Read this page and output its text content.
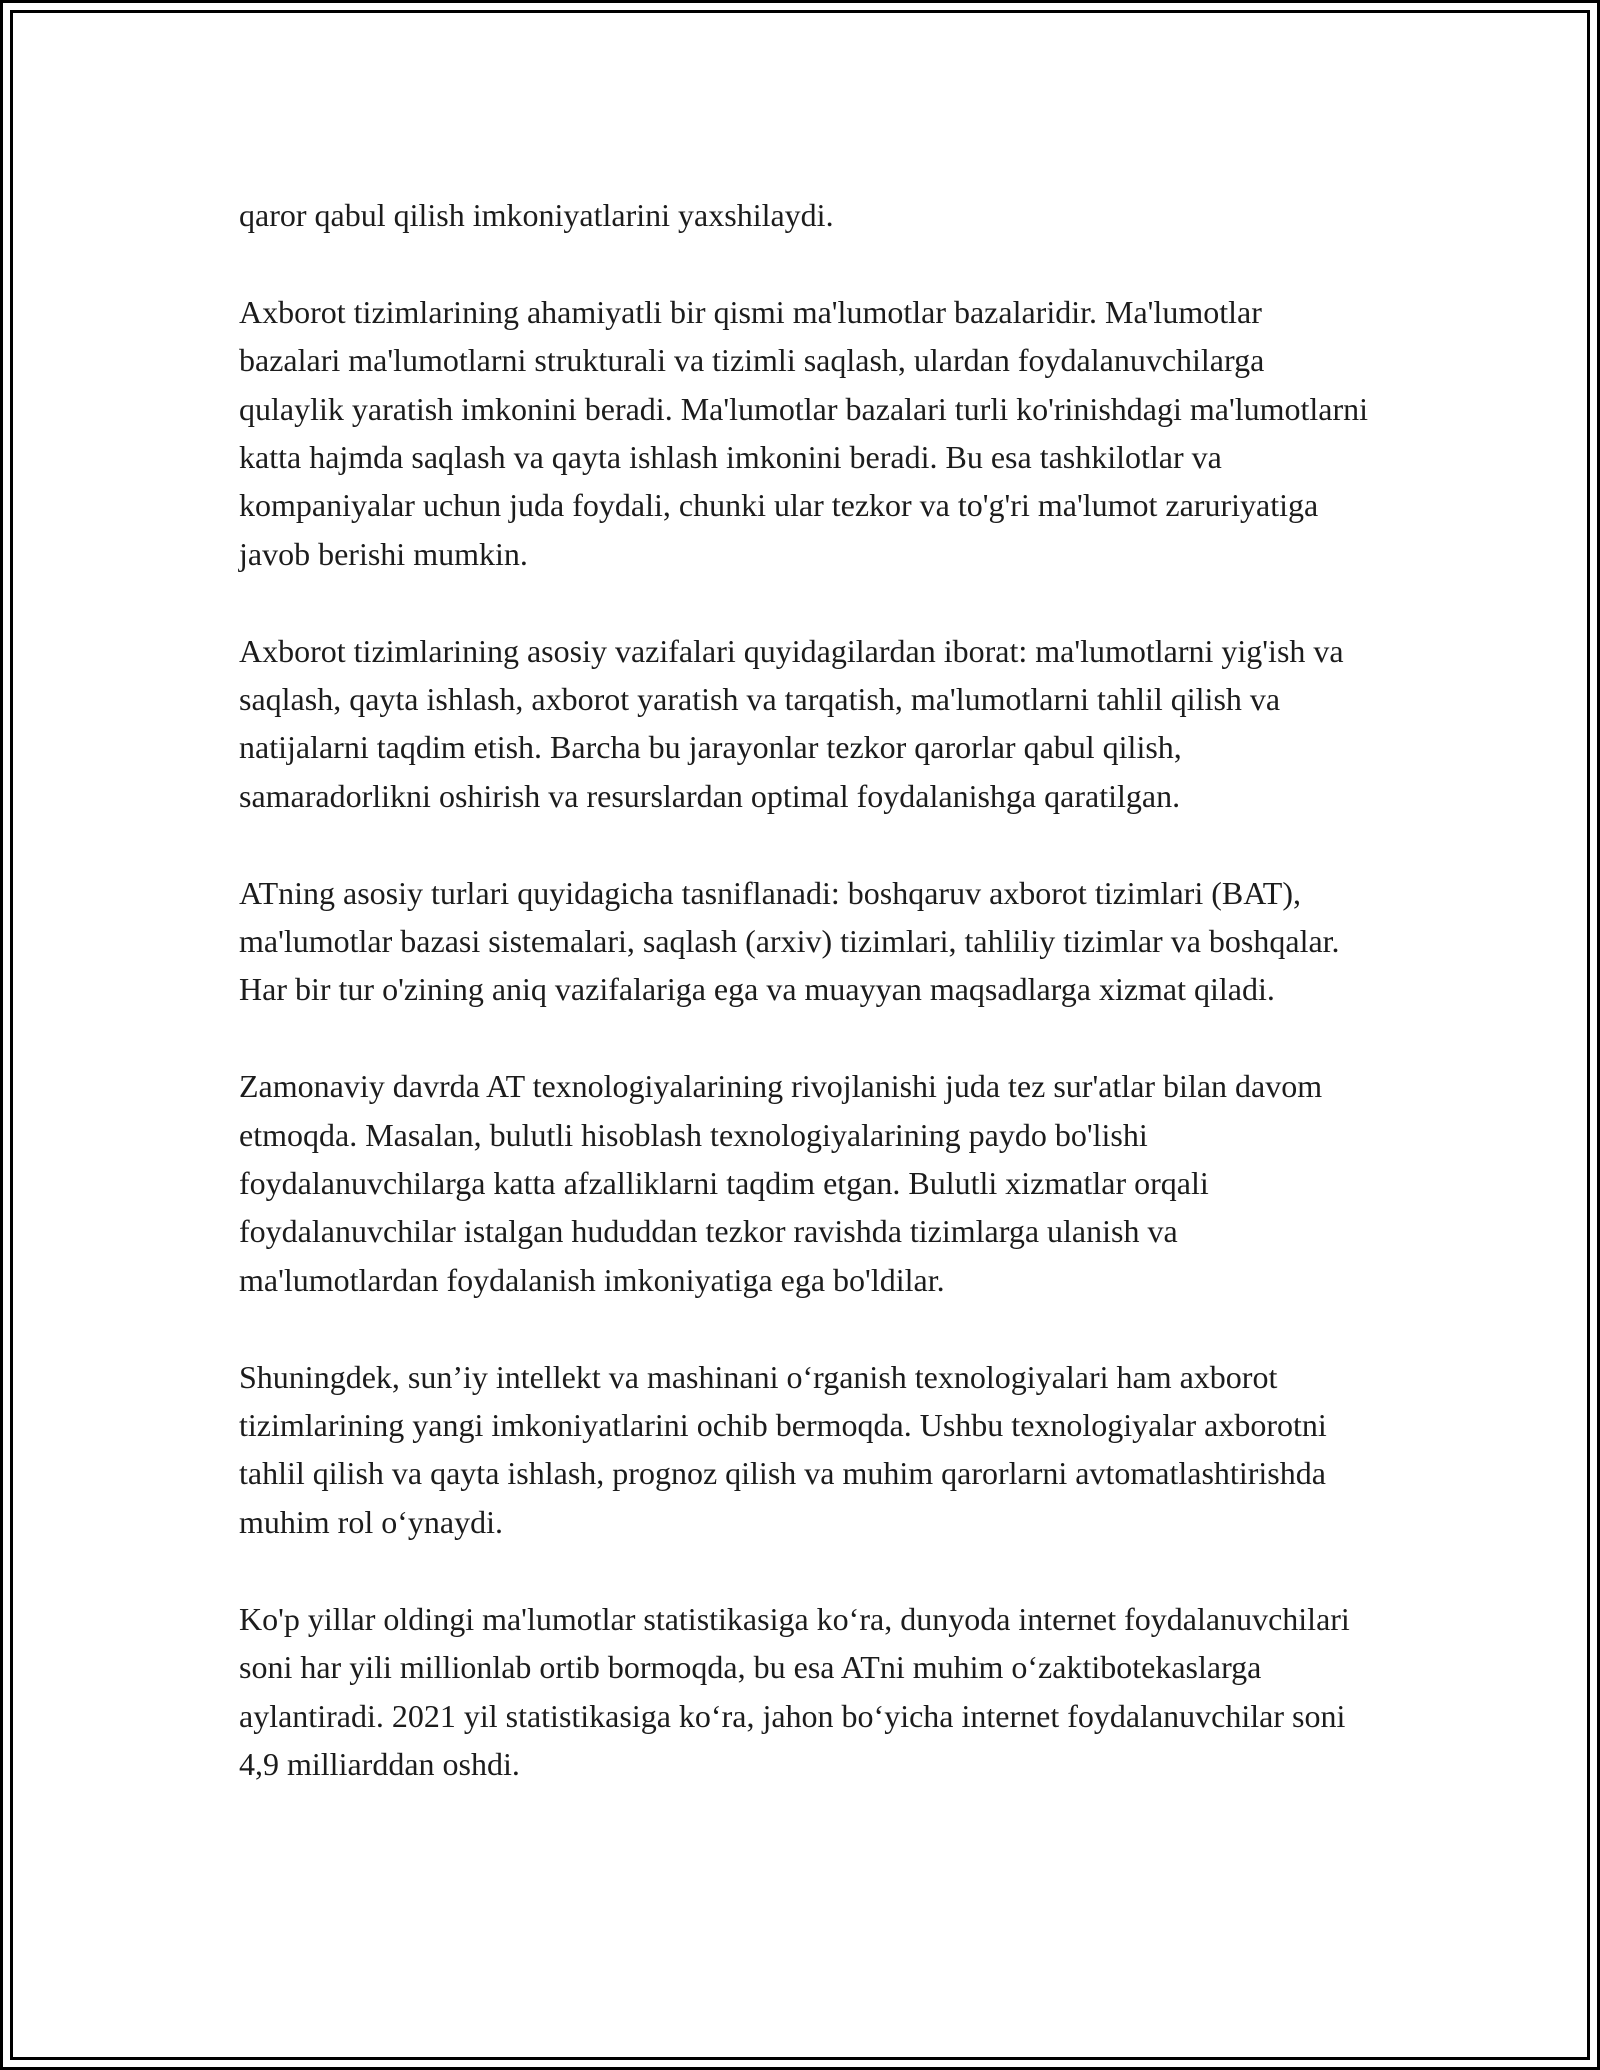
qaror qabul qilish imkoniyatlarini yaxshilaydi.

Axborot tizimlarining ahamiyatli bir qismi ma'lumotlar bazalaridir. Ma'lumotlar bazalari ma'lumotlarni strukturali va tizimli saqlash, ulardan foydalanuvchilarga qulaylik yaratish imkonini beradi. Ma'lumotlar bazalari turli ko'rinishdagi ma'lumotlarni katta hajmda saqlash va qayta ishlash imkonini beradi. Bu esa tashkilotlar va kompaniyalar uchun juda foydali, chunki ular tezkor va to'g'ri ma'lumot zaruriyatiga javob berishi mumkin.

Axborot tizimlarining asosiy vazifalari quyidagilardan iborat: ma'lumotlarni yig'ish va saqlash, qayta ishlash, axborot yaratish va tarqatish, ma'lumotlarni tahlil qilish va natijalarni taqdim etish. Barcha bu jarayonlar tezkor qarorlar qabul qilish, samaradorlikni oshirish va resurslardan optimal foydalanishga qaratilgan.

ATning asosiy turlari quyidagicha tasniflanadi: boshqaruv axborot tizimlari (BAT), ma'lumotlar bazasi sistemalari, saqlash (arxiv) tizimlari, tahliliy tizimlar va boshqalar. Har bir tur o'zining aniq vazifalariga ega va muayyan maqsadlarga xizmat qiladi.

Zamonaviy davrda AT texnologiyalarining rivojlanishi juda tez sur'atlar bilan davom etmoqda. Masalan, bulutli hisoblash texnologiyalarining paydo bo'lishi foydalanuvchilarga katta afzalliklarni taqdim etgan. Bulutli xizmatlar orqali foydalanuvchilar istalgan hududdan tezkor ravishda tizimlarga ulanish va ma'lumotlardan foydalanish imkoniyatiga ega bo'ldilar.

Shuningdek, sun’iy intellekt va mashinani o‘rganish texnologiyalari ham axborot tizimlarining yangi imkoniyatlarini ochib bermoqda. Ushbu texnologiyalar axborotni tahlil qilish va qayta ishlash, prognoz qilish va muhim qarorlarni avtomatlashtirishda muhim rol o‘ynaydi.

Ko'p yillar oldingi ma'lumotlar statistikasiga ko‘ra, dunyoda internet foydalanuvchilari soni har yili millionlab ortib bormoqda, bu esa ATni muhim o‘zaktibotekaslarga aylantiradi. 2021 yil statistikasiga ko‘ra, jahon bo‘yicha internet foydalanuvchilar soni 4,9 milliarddan oshdi.
